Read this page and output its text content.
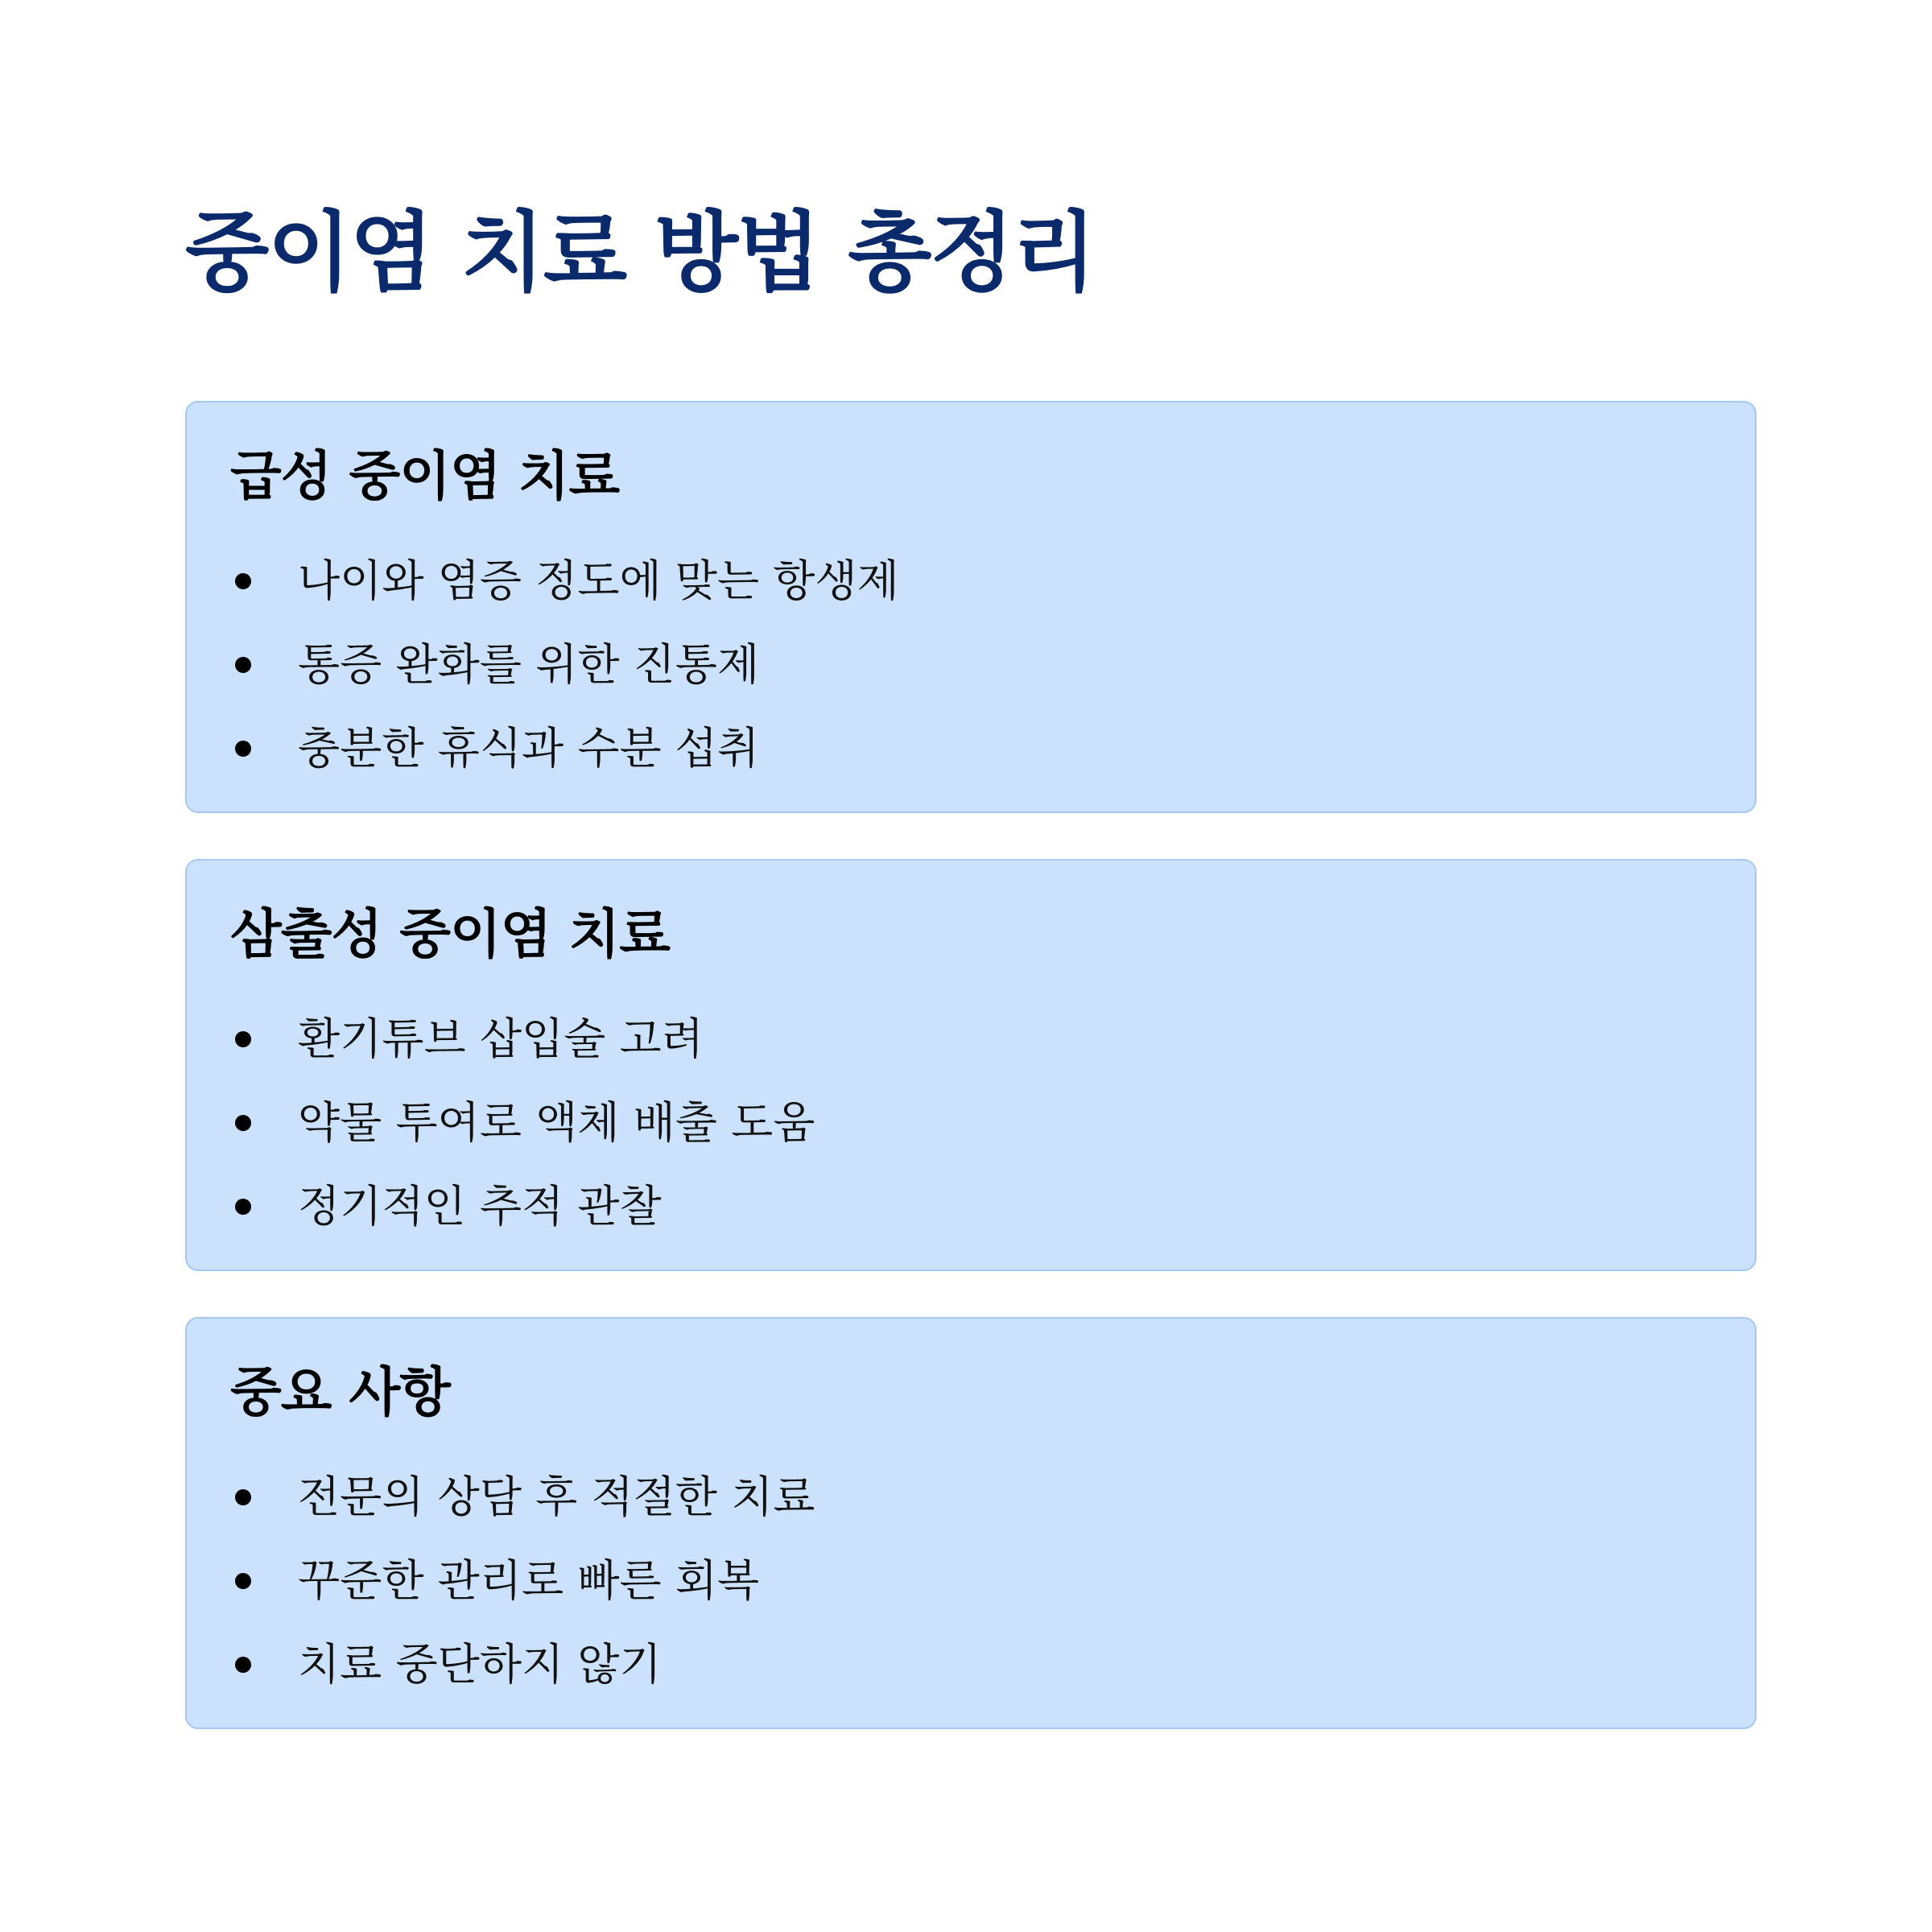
중이염 치료 방법 총정리
급성 중이염 치료
나이와 염증 정도에 맞는 항생제
통증 완화를 위한 진통제
충분한 휴식과 수분 섭취
삼출성 중이염 치료
환기튜브 삽입술 고려
약물 투여로 액체 배출 도움
정기적인 추적 관찰
중요 사항
전문의 상담 후 적절한 치료
꾸준한 관리로 빠른 회복
치료 중단하지 않기
